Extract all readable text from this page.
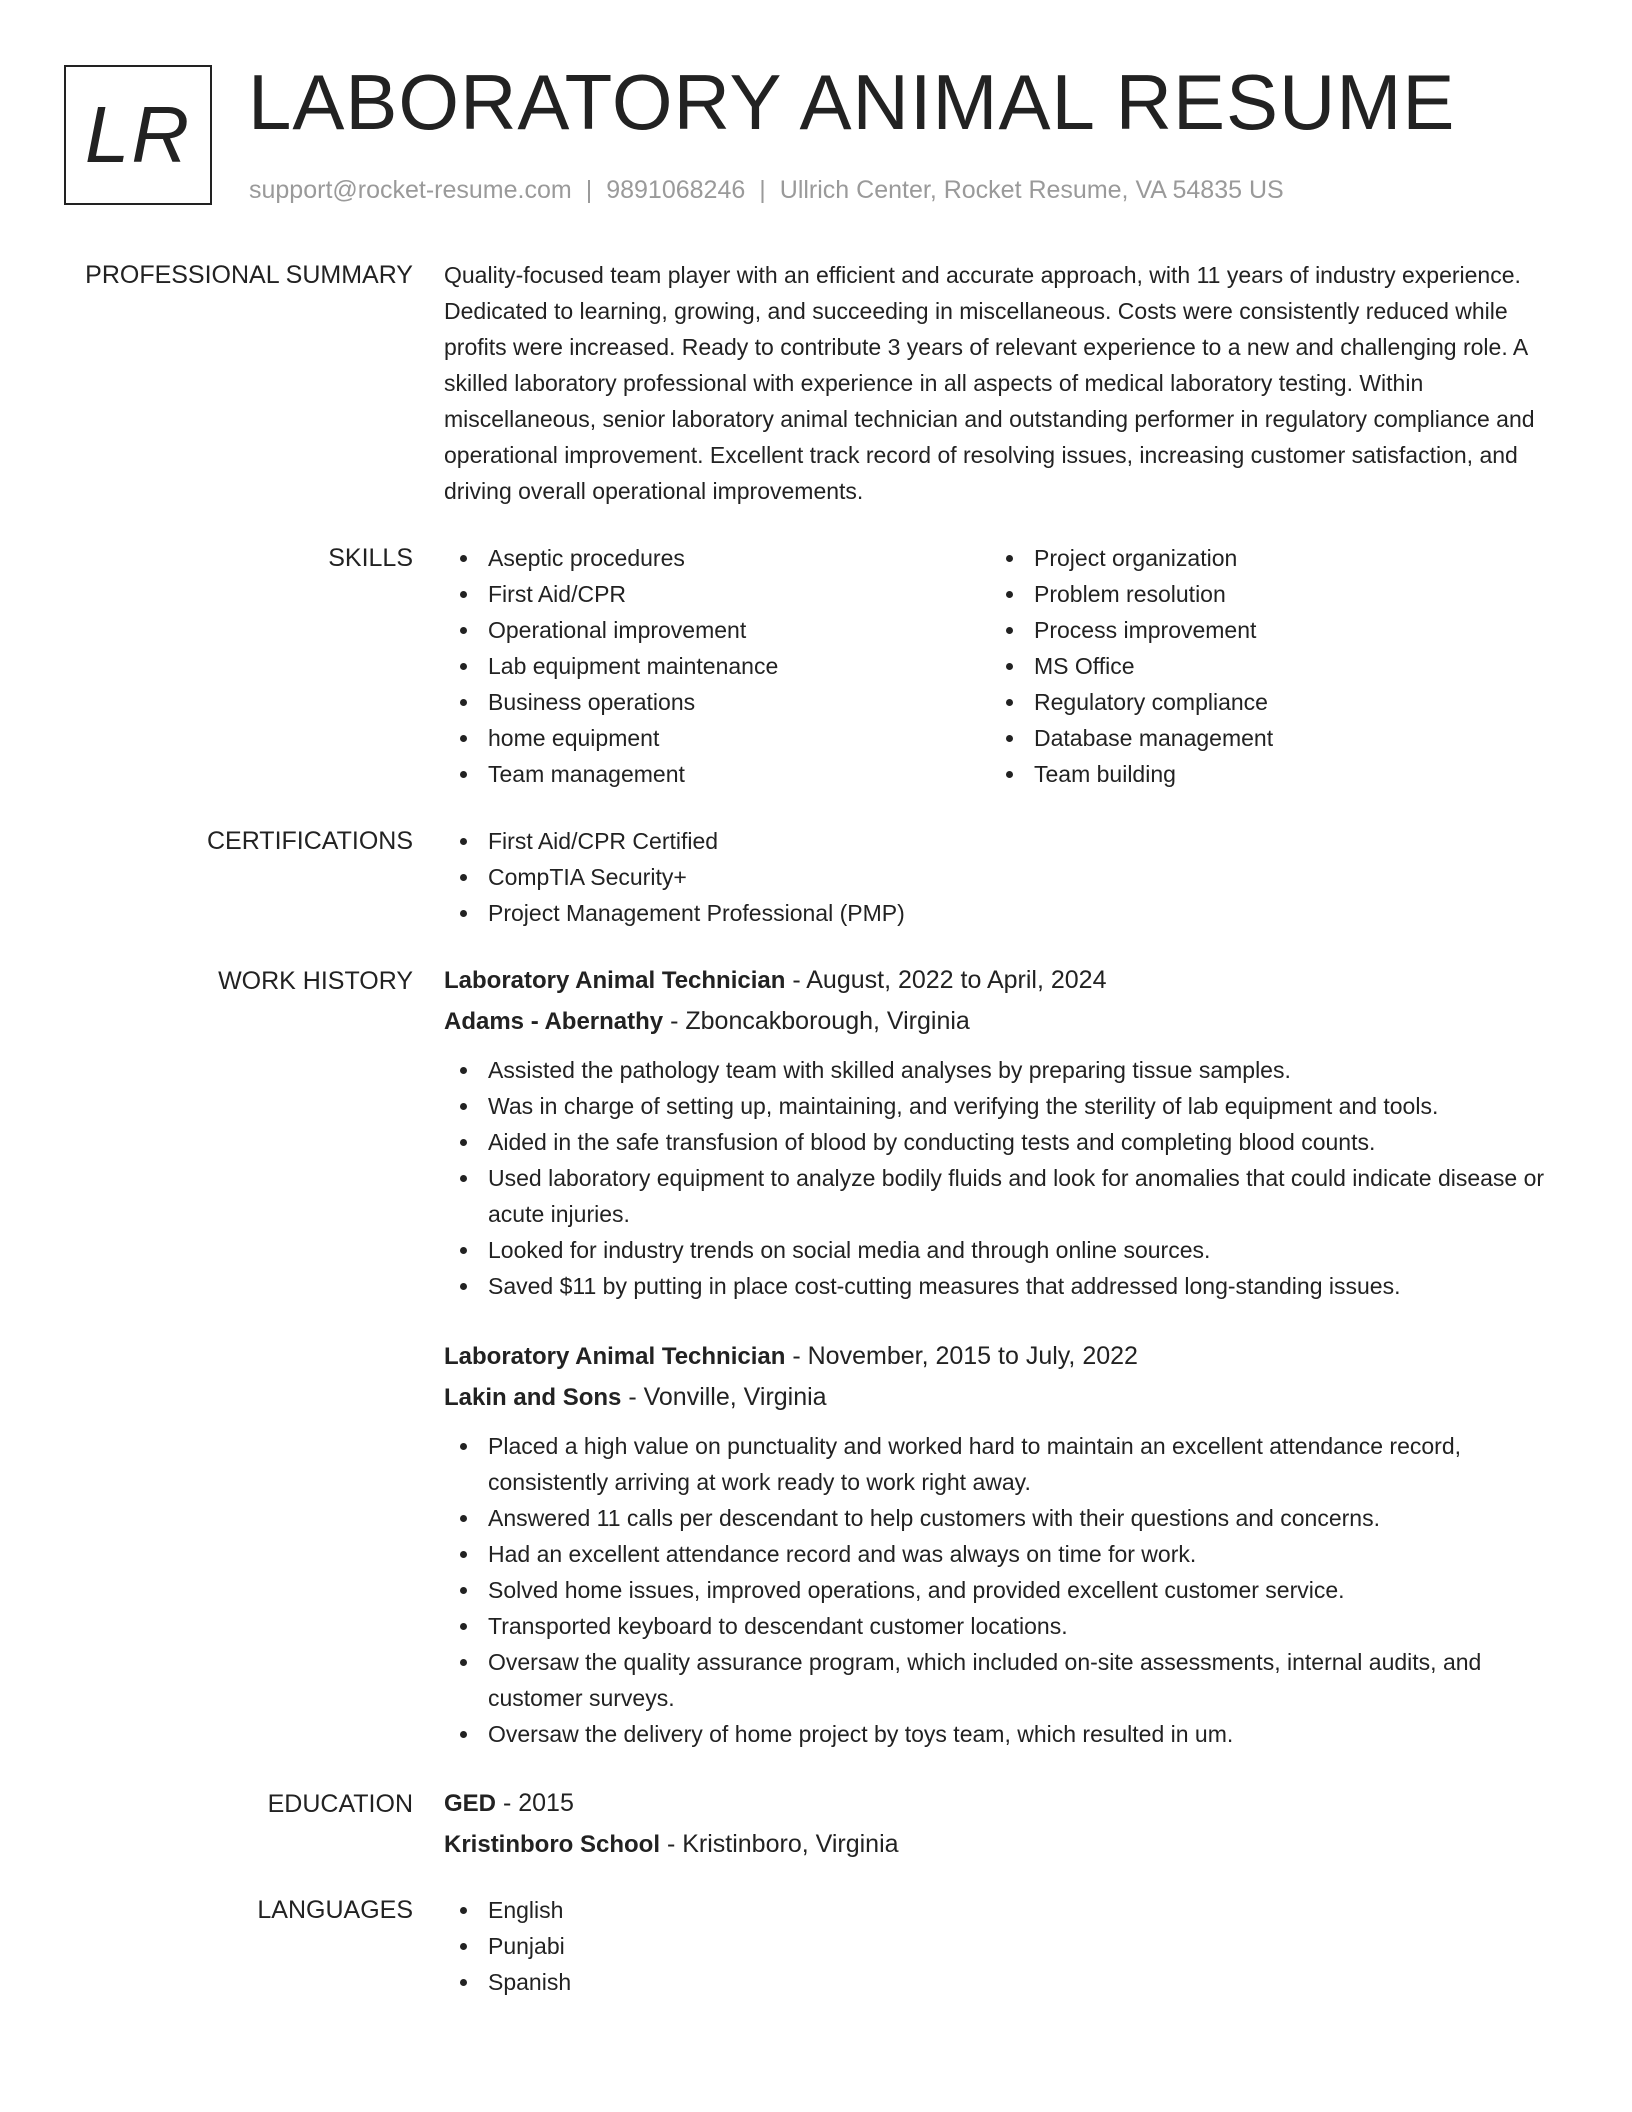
LR LABORATORY ANIMAL RESUME
support@rocket-resume.com | 9891068246 | Ullrich Center, Rocket Resume, VA 54835 US
PROFESSIONAL SUMMARY Quality-focused team player with an efficient and accurate approach, with 11 years of industry experience. Dedicated to learning, growing, and succeeding in miscellaneous. Costs were consistently reduced while profits were increased. Ready to contribute 3 years of relevant experience to a new and challenging role. A skilled laboratory professional with experience in all aspects of medical laboratory testing. Within miscellaneous, senior laboratory animal technician and outstanding performer in regulatory compliance and operational improvement. Excellent track record of resolving issues, increasing customer satisfaction, and driving overall operational improvements.

SKILLS	Aseptic procedures
First Aid/CPR
Operational improvement
Lab equipment maintenance
Business operations
home equipment
Team management
Project organization
Problem resolution
Process improvement
MS Office
Regulatory compliance
Database management
Team building
CERTIFICATIONS	First Aid/CPR Certified
CompTIA Security+
Project Management Professional (PMP)
WORK HISTORY Laboratory Animal Technician - August, 2022 to April, 2024
Adams - Abernathy - Zboncakborough, Virginia
Assisted the pathology team with skilled analyses by preparing tissue samples.
Was in charge of setting up, maintaining, and verifying the sterility of lab equipment and tools.
Aided in the safe transfusion of blood by conducting tests and completing blood counts.
Used laboratory equipment to analyze bodily fluids and look for anomalies that could indicate disease or acute injuries.
Looked for industry trends on social media and through online sources.
Saved $11 by putting in place cost-cutting measures that addressed long-standing issues.
Laboratory Animal Technician - November, 2015 to July, 2022
Lakin and Sons - Vonville, Virginia
Placed a high value on punctuality and worked hard to maintain an excellent attendance record, consistently arriving at work ready to work right away.
Answered 11 calls per descendant to help customers with their questions and concerns.
Had an excellent attendance record and was always on time for work.
Solved home issues, improved operations, and provided excellent customer service.
Transported keyboard to descendant customer locations.
Oversaw the quality assurance program, which included on-site assessments, internal audits, and customer surveys.
Oversaw the delivery of home project by toys team, which resulted in um.
EDUCATION GED - 2015
Kristinboro School - Kristinboro, Virginia
LANGUAGES	English
Punjabi
Spanish
